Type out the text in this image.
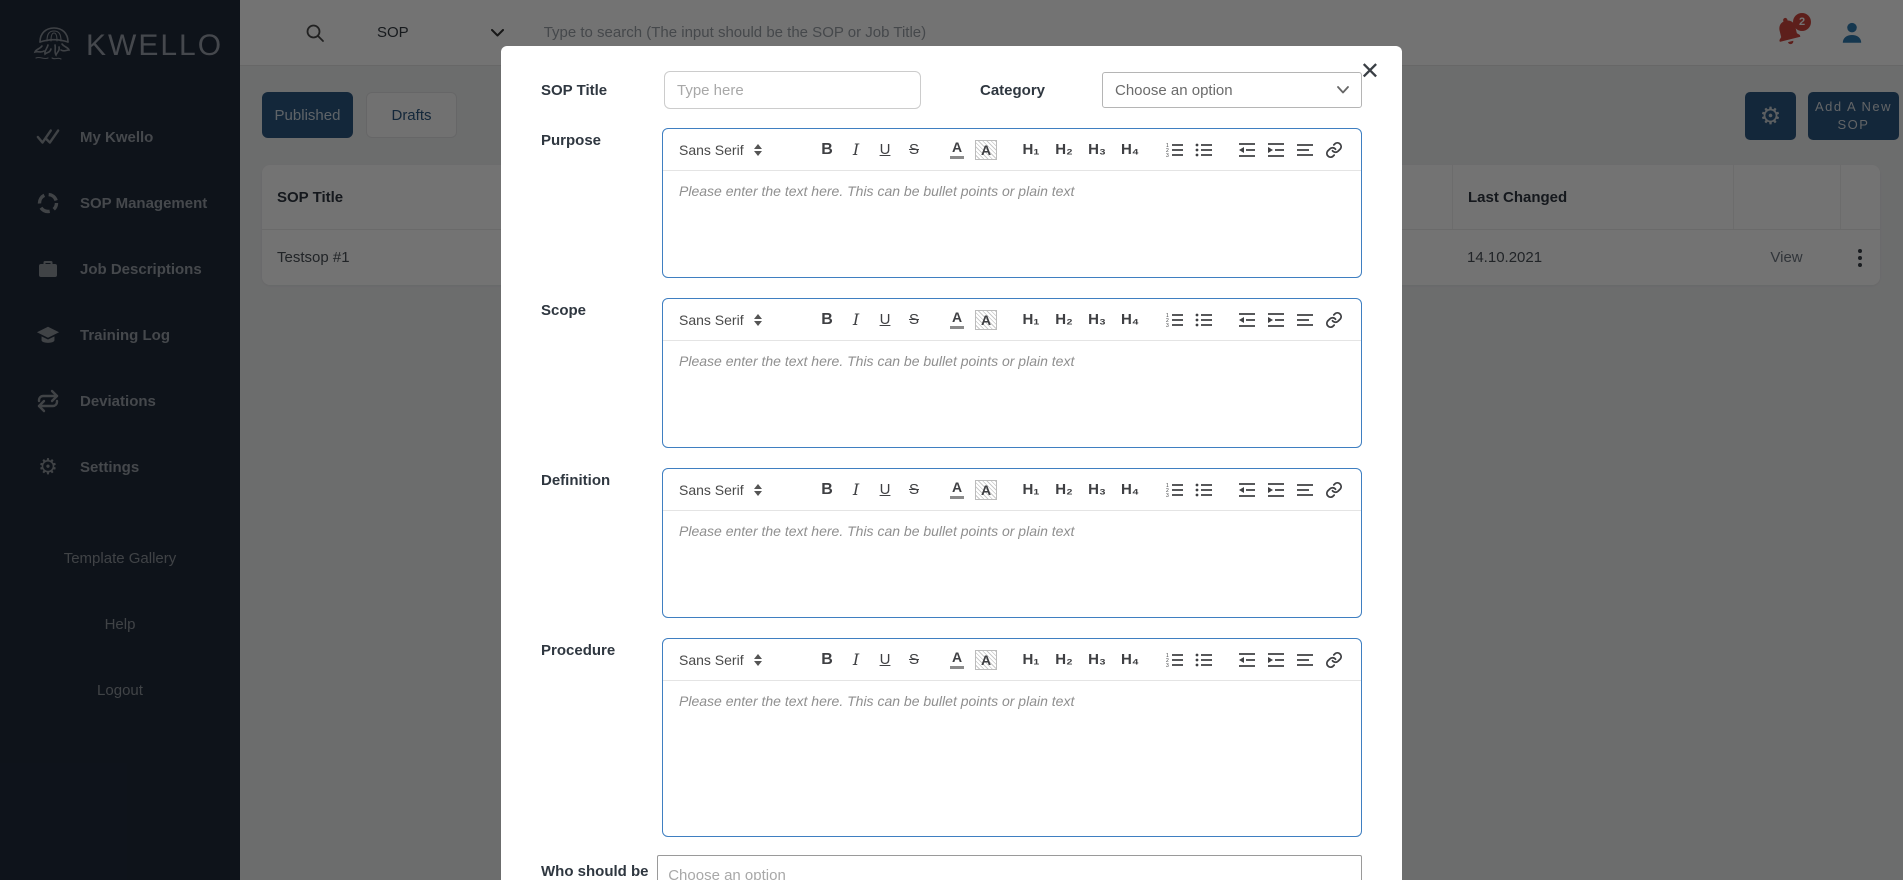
Type to search (The input should be the SOP or Job Title)
✕
SOP Title
Type here	Category	Choose an option
Purpose
Sans Serif	B	I	U	S	A	A	H₁ H₂ H₃ H₄	1
2
3
Please enter the text here. This can be bullet points or plain text
Scope
Sans Serif	B	I	U	S	A	A	H₁ H₂ H₃ H₄	1
2
3
Please enter the text here. This can be bullet points or plain text
Definition
Sans Serif	B	I	U	S	A	A	H₁ H₂ H₃ H₄	1
2
3
Please enter the text here. This can be bullet points or plain text
Procedure
Sans Serif	B	I	U	S	A	A	H₁ H₂ H₃ H₄	1
2
3
Please enter the text here. This can be bullet points or plain text
Who should be
Choose an option
